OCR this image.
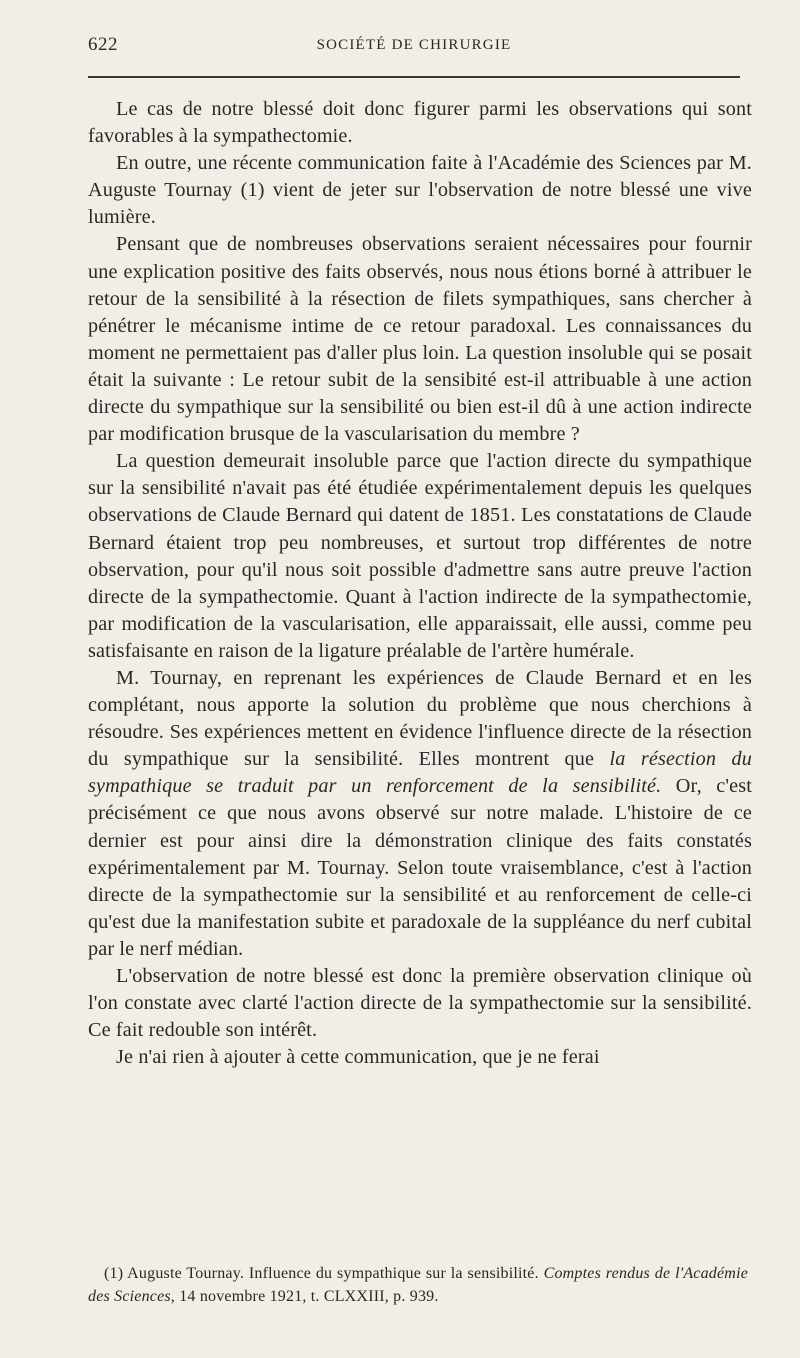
622	SOCIÉTÉ DE CHIRURGIE

Le cas de notre blessé doit donc figurer parmi les observations qui sont favorables à la sympathectomie.

En outre, une récente communication faite à l'Académie des Sciences par M. Auguste Tournay (1) vient de jeter sur l'observation de notre blessé une vive lumière.

Pensant que de nombreuses observations seraient nécessaires pour fournir une explication positive des faits observés, nous nous étions borné à attribuer le retour de la sensibilité à la résection de filets sympathiques, sans chercher à pénétrer le mécanisme intime de ce retour paradoxal. Les connaissances du moment ne permettaient pas d'aller plus loin. La question insoluble qui se posait était la suivante : Le retour subit de la sensibité est-il attribuable à une action directe du sympathique sur la sensibilité ou bien est-il dû à une action indirecte par modification brusque de la vascularisation du membre ?

La question demeurait insoluble parce que l'action directe du sympathique sur la sensibilité n'avait pas été étudiée expérimentalement depuis les quelques observations de Claude Bernard qui datent de 1851. Les constatations de Claude Bernard étaient trop peu nombreuses, et surtout trop différentes de notre observation, pour qu'il nous soit possible d'admettre sans autre preuve l'action directe de la sympathectomie. Quant à l'action indirecte de la sympathectomie, par modification de la vascularisation, elle apparaissait, elle aussi, comme peu satisfaisante en raison de la ligature préalable de l'artère humérale.

M. Tournay, en reprenant les expériences de Claude Bernard et en les complétant, nous apporte la solution du problème que nous cherchions à résoudre. Ses expériences mettent en évidence l'influence directe de la résection du sympathique sur la sensibilité. Elles montrent que la résection du sympathique se traduit par un renforcement de la sensibilité. Or, c'est précisément ce que nous avons observé sur notre malade. L'histoire de ce dernier est pour ainsi dire la démonstration clinique des faits constatés expérimentalement par M. Tournay. Selon toute vraisemblance, c'est à l'action directe de la sympathectomie sur la sensibilité et au renforcement de celle-ci qu'est due la manifestation subite et paradoxale de la suppléance du nerf cubital par le nerf médian.

L'observation de notre blessé est donc la première observation clinique où l'on constate avec clarté l'action directe de la sympathectomie sur la sensibilité. Ce fait redouble son intérêt.

Je n'ai rien à ajouter à cette communication, que je ne ferai

(1) Auguste Tournay. Influence du sympathique sur la sensibilité. Comptes rendus de l'Académie des Sciences, 14 novembre 1921, t. CLXXIII, p. 939.
